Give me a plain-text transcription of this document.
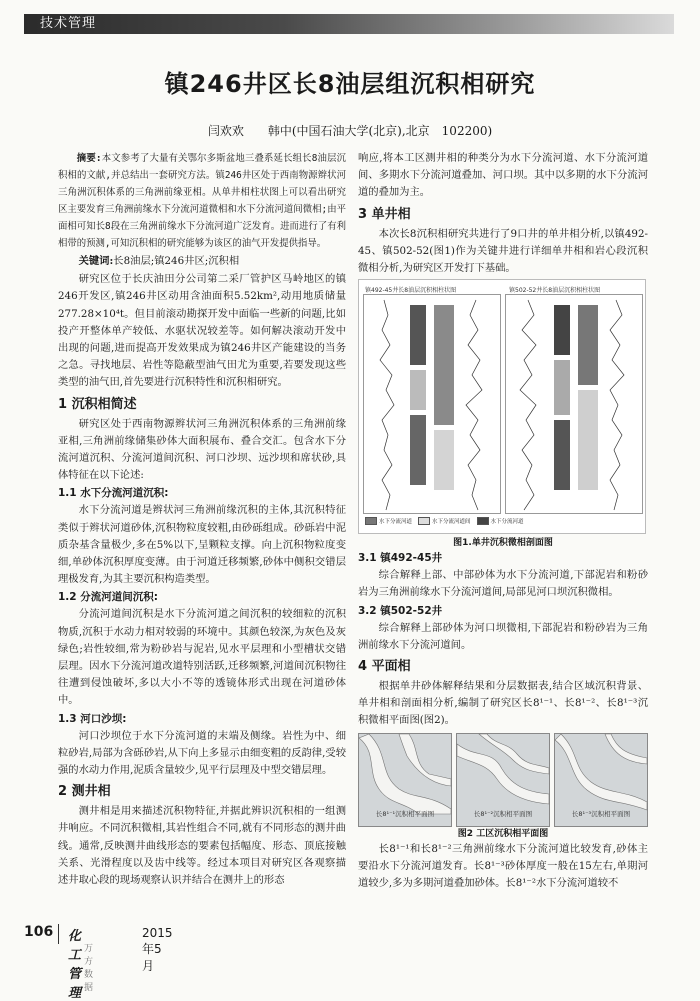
技术管理
镇246井区长8油层组沉积相研究
闫欢欢　　韩中(中国石油大学(北京),北京　102200)
摘要:本文参考了大量有关鄂尔多斯盆地三叠系延长组长8油层沉积相的文献,并总结出一套研究方法。镇246井区处于西南物源辫状河三角洲沉积体系的三角洲前缘亚相。从单井相柱状图上可以看出研究区主要发育三角洲前缘水下分流河道微相和水下分流河道间微相;由平面相可知长8段在三角洲前缘水下分流河道广泛发育。进而进行了有利相带的预测,可知沉积相的研究能够为该区的油气开发提供指导。
关键词:长8油层;镇246井区;沉积相
研究区位于长庆油田分公司第二采厂管护区马岭地区的镇246开发区,镇246井区动用含油面积5.52km²,动用地质储量277.28×10⁴t。但目前滚动勘探开发中面临一些新的问题,比如投产开整体单产较低、水驱状况较差等。如何解决滚动开发中出现的问题,进而提高开发效果成为镇246井区产能建设的当务之急。寻找地层、岩性等隐蔽型油气田尤为重要,若要发现这些类型的油气田,首先要进行沉积特性和沉积相研究。
1 沉积相简述
研究区处于西南物源辫状河三角洲沉积体系的三角洲前缘亚相,三角洲前缘储集砂体大面积展布、叠合交汇。包含水下分流河道沉积、分流河道间沉积、河口沙坝、远沙坝和席状砂,具体特征在以下论述:
1.1 水下分流河道沉积:
水下分流河道是辫状河三角洲前缘沉积的主体,其沉积特征类似于辫状河道砂体,沉积物粒度较粗,由砂砾组成。砂砾岩中泥质杂基含量极少,多在5%以下,呈颗粒支撑。向上沉积物粒度变细,单砂体沉积厚度变薄。由于河道迁移频繁,砂体中侧积交错层理极发育,为其主要沉积构造类型。
1.2 分流河道间沉积:
分流河道间沉积是水下分流河道之间沉积的较细粒的沉积物质,沉积于水动力相对较弱的环境中。其颜色较深,为灰色及灰绿色;岩性较细,常为粉砂岩与泥岩,见水平层理和小型槽状交错层理。因水下分流河道改道特别活跃,迁移频繁,河道间沉积物往往遭到侵蚀破坏,多以大小不等的透镜体形式出现在河道砂体中。
1.3 河口沙坝:
河口沙坝位于水下分流河道的末端及侧缘。岩性为中、细粒砂岩,局部为含砾砂岩,从下向上多显示由细变粗的反韵律,受较强的水动力作用,泥质含量较少,见平行层理及中型交错层理。
2 测井相
测井相是用来描述沉积物特征,并据此辨识沉积相的一组测井响应。不同沉积微相,其岩性组合不同,就有不同形态的测井曲线。通常,反映测井曲线形态的要素包括幅度、形态、顶底接触关系、光滑程度以及齿中线等。经过本项目对研究区各观察描述井取心段的现场观察认识并结合在测井上的形态
响应,将本工区测井相的种类分为水下分流河道、水下分流河道间、多期水下分流河道叠加、河口坝。其中以多期的水下分流河道的叠加为主。
3 单井相
本次长8沉积相研究共进行了9口井的单井相分析,以镇492-45、镇502-52(图1)作为关键井进行详细单井相和岩心段沉积微相分析,为研究区开发打下基础。
镇492-45井长8油层沉积相柱状图	镇502-52井长8油层沉积相柱状图
水下分流河道	水下分流河道间	水下分流河道
图1.单井沉积微相剖面图
3.1 镇492-45井
综合解释上部、中部砂体为水下分流河道,下部泥岩和粉砂岩为三角洲前缘水下分流河道间,局部见河口坝沉积微相。
3.2 镇502-52井
综合解释上部砂体为河口坝微相,下部泥岩和粉砂岩为三角洲前缘水下分流河道间。
4 平面相
根据单井砂体解释结果和分层数据表,结合区域沉积背景、单井相和剖面相分析,编制了研究区长8¹⁻¹、长8¹⁻²、长8¹⁻³沉积微相平面图(图2)。
长8¹⁻¹沉积相平面图	长8¹⁻²沉积相平面图	长8¹⁻³沉积相平面图
图2 工区沉积相平面图
长8¹⁻¹和长8¹⁻²三角洲前缘水下分流河道比较发育,砂体主要沿水下分流河道发育。长8¹⁻³砂体厚度一般在15左右,单期河道较少,多为多期河道叠加砂体。长8¹⁻²水下分流河道较不
106 化工管理
2015年5月
万方数据
